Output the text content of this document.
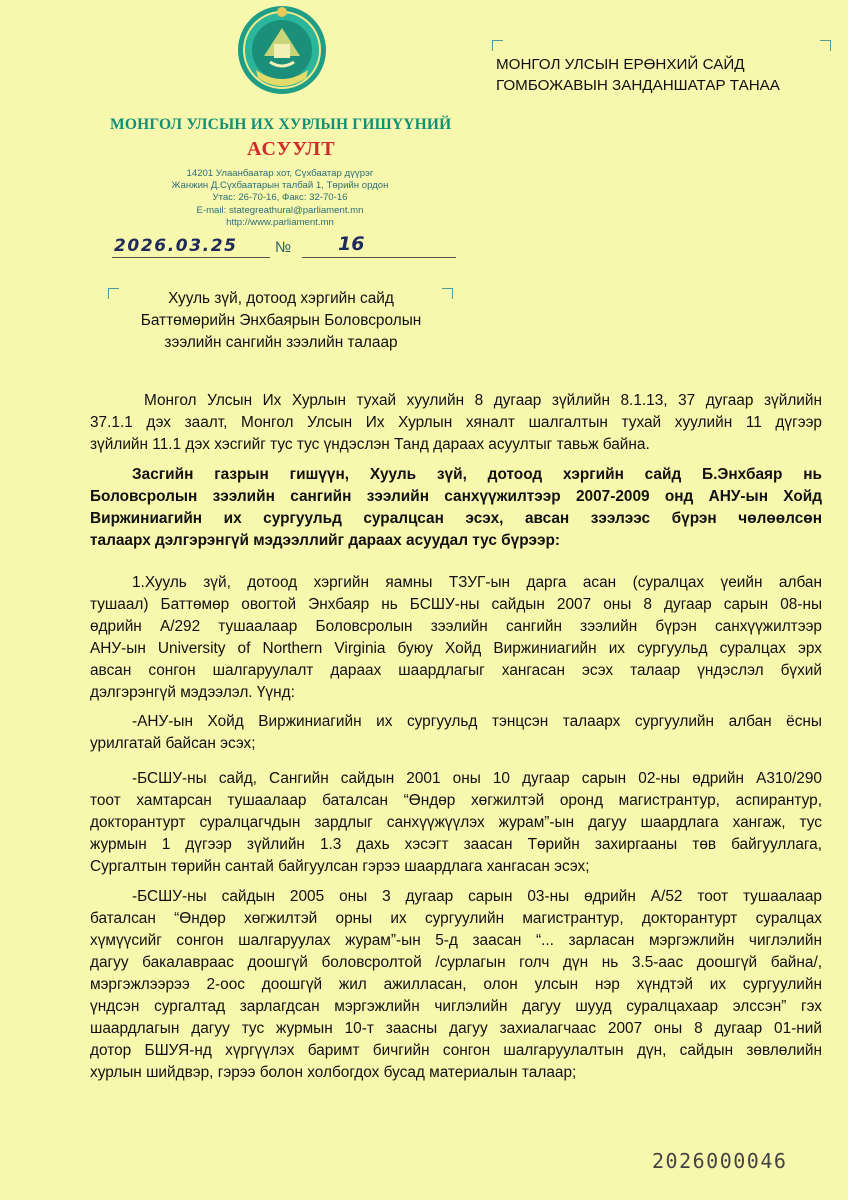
МОНГОЛ УЛСЫН ИХ ХУРЛЫН ГИШҮҮНИЙ
АСУУЛТ
14201 Улаанбаатар хот, Сүхбаатар дүүрэг
Жанжин Д.Сүхбаатарын талбай 1, Төрийн ордон
Утас: 26-70-16, Факс: 32-70-16
E-mail: stategreathural@parliament.mn
http://www.parliament.mn
2026.03.25 № 16
МОНГОЛ УЛСЫН ЕРӨНХИЙ САЙД
ГОМБОЖАВЫН ЗАНДАНШАТАР ТАНАА
Хууль зүй, дотоод хэргийн сайд
Баттөмөрийн Энхбаярын Боловсролын
зээлийн сангийн зээлийн талаар
Монгол Улсын Их Хурлын тухай хуулийн 8 дугаар зүйлийн 8.1.13, 37 дугаар зүйлийн
37.1.1 дэх заалт, Монгол Улсын Их Хурлын хяналт шалгалтын тухай хуулийн 11 дүгээр
зүйлийн 11.1 дэх хэсгийг тус тус үндэслэн Танд дараах асуултыг тавьж байна.
Засгийн газрын гишүүн, Хууль зүй, дотоод хэргийн сайд Б.Энхбаяр нь
Боловсролын зээлийн сангийн зээлийн санхүүжилтээр 2007-2009 онд АНУ-ын Хойд
Виржиниагийн их сургуульд суралцсан эсэх, авсан зээлээс бүрэн чөлөөлсөн
талаарх дэлгэрэнгүй мэдээллийг дараах асуудал тус бүрээр:
1.Хууль зүй, дотоод хэргийн яамны ТЗУГ-ын дарга асан (суралцах үеийн албан
тушаал) Баттөмөр овогтой Энхбаяр нь БСШУ-ны сайдын 2007 оны 8 дугаар сарын 08-ны
өдрийн А/292 тушаалаар Боловсролын зээлийн сангийн зээлийн бүрэн санхүүжилтээр
АНУ-ын University of Northern Virginia буюу Хойд Виржиниагийн их сургуульд суралцах эрх
авсан сонгон шалгаруулалт дараах шаардлагыг хангасан эсэх талаар үндэслэл бүхий
дэлгэрэнгүй мэдээлэл. Үүнд:
-АНУ-ын Хойд Виржиниагийн их сургуульд тэнцсэн талаарх сургуулийн албан ёсны
урилгатай байсан эсэх;
-БСШУ-ны сайд, Сангийн сайдын 2001 оны 10 дугаар сарын 02-ны өдрийн А310/290
тоот хамтарсан тушаалаар баталсан “Өндөр хөгжилтэй оронд магистрантур, аспирантур,
докторантурт суралцагчдын зардлыг санхүүжүүлэх журам”-ын дагуу шаардлага хангаж, тус
журмын 1 дүгээр зүйлийн 1.3 дахь хэсэгт заасан Төрийн захиргааны төв байгууллага,
Сургалтын төрийн сантай байгуулсан гэрээ шаардлага хангасан эсэх;
-БСШУ-ны сайдын 2005 оны 3 дугаар сарын 03-ны өдрийн А/52 тоот тушаалаар
баталсан “Өндөр хөгжилтэй орны их сургуулийн магистрантур, докторантурт суралцах
хүмүүсийг сонгон шалгаруулах журам”-ын 5-д заасан “... зарласан мэргэжлийн чиглэлийн
дагуу бакалавраас доошгүй боловсролтой /сурлагын голч дүн нь 3.5-аас доошгүй байна/,
мэргэжлээрээ 2-оос доошгүй жил ажилласан, олон улсын нэр хүндтэй их сургуулийн
үндсэн сургалтад зарлагдсан мэргэжлийн чиглэлийн дагуу шууд суралцахаар элссэн” гэх
шаардлагын дагуу тус журмын 10-т заасны дагуу захиалагчаас 2007 оны 8 дугаар 01-ний
дотор БШУЯ-нд хүргүүлэх баримт бичгийн сонгон шалгаруулалтын дүн, сайдын зөвлөлийн
хурлын шийдвэр, гэрээ болон холбогдох бусад материалын талаар;
2026000046
